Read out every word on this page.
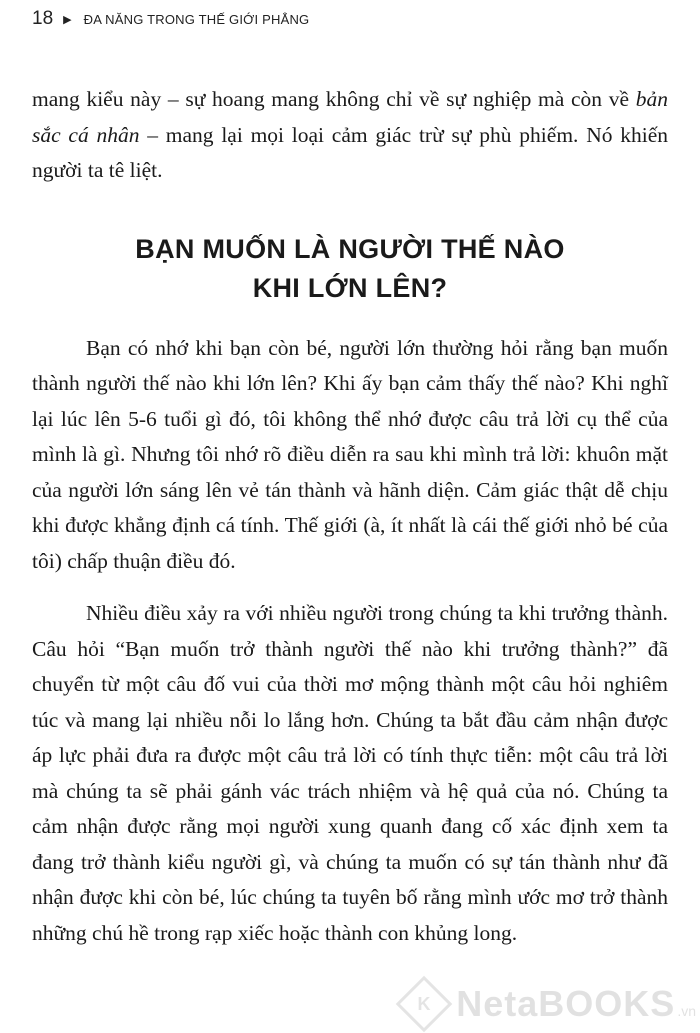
18 ▶ ĐA NĂNG TRONG THẾ GIỚI PHẲNG

mang kiểu này – sự hoang mang không chỉ về sự nghiệp mà còn về bản sắc cá nhân – mang lại mọi loại cảm giác trừ sự phù phiếm. Nó khiến người ta tê liệt.

BẠN MUỐN LÀ NGƯỜI THẾ NÀO
KHI LỚN LÊN?

Bạn có nhớ khi bạn còn bé, người lớn thường hỏi rằng bạn muốn thành người thế nào khi lớn lên? Khi ấy bạn cảm thấy thế nào? Khi nghĩ lại lúc lên 5-6 tuổi gì đó, tôi không thể nhớ được câu trả lời cụ thể của mình là gì. Nhưng tôi nhớ rõ điều diễn ra sau khi mình trả lời: khuôn mặt của người lớn sáng lên vẻ tán thành và hãnh diện. Cảm giác thật dễ chịu khi được khẳng định cá tính. Thế giới (à, ít nhất là cái thế giới nhỏ bé của tôi) chấp thuận điều đó.

Nhiều điều xảy ra với nhiều người trong chúng ta khi trưởng thành. Câu hỏi “Bạn muốn trở thành người thế nào khi trưởng thành?” đã chuyển từ một câu đố vui của thời mơ mộng thành một câu hỏi nghiêm túc và mang lại nhiều nỗi lo lắng hơn. Chúng ta bắt đầu cảm nhận được áp lực phải đưa ra được một câu trả lời có tính thực tiễn: một câu trả lời mà chúng ta sẽ phải gánh vác trách nhiệm và hệ quả của nó. Chúng ta cảm nhận được rằng mọi người xung quanh đang cố xác định xem ta đang trở thành kiểu người gì, và chúng ta muốn có sự tán thành như đã nhận được khi còn bé, lúc chúng ta tuyên bố rằng mình ước mơ trở thành những chú hề trong rạp xiếc hoặc thành con khủng long.

K NetaBOOKS .vn
